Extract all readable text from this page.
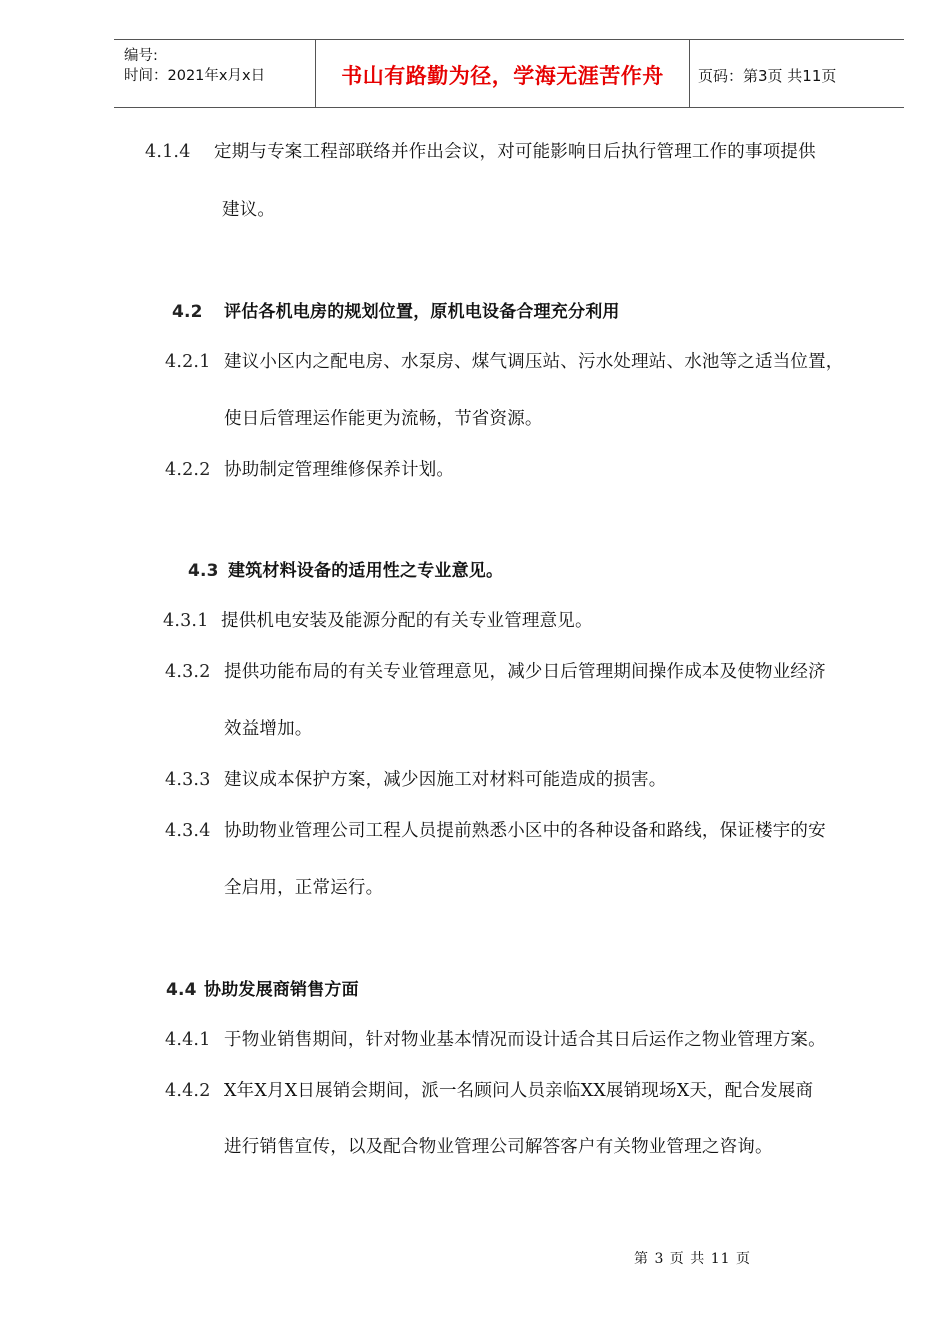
编号:
时间：2021年x月x日	书山有路勤为径，学海无涯苦作舟	页码：第3页 共11页
4.1.4 定期与专案工程部联络并作出会议，对可能影响日后执行管理工作的事项提供
建议。
4.2 评估各机电房的规划位置，原机电设备合理充分利用
4.2.1 建议小区内之配电房、水泵房、煤气调压站、污水处理站、水池等之适当位置，
使日后管理运作能更为流畅，节省资源。
4.2.2 协助制定管理维修保养计划。
4.3 建筑材料设备的适用性之专业意见。
4.3.1 提供机电安装及能源分配的有关专业管理意见。
4.3.2 提供功能布局的有关专业管理意见，减少日后管理期间操作成本及使物业经济
效益增加。
4.3.3 建议成本保护方案，减少因施工对材料可能造成的损害。
4.3.4 协助物业管理公司工程人员提前熟悉小区中的各种设备和路线，保证楼宇的安
全启用，正常运行。
4.4 协助发展商销售方面
4.4.1 于物业销售期间，针对物业基本情况而设计适合其日后运作之物业管理方案。
4.4.2 X年X月X日展销会期间，派一名顾问人员亲临XX展销现场X天，配合发展商
进行销售宣传，以及配合物业管理公司解答客户有关物业管理之咨询。
第 3 页 共 11 页
